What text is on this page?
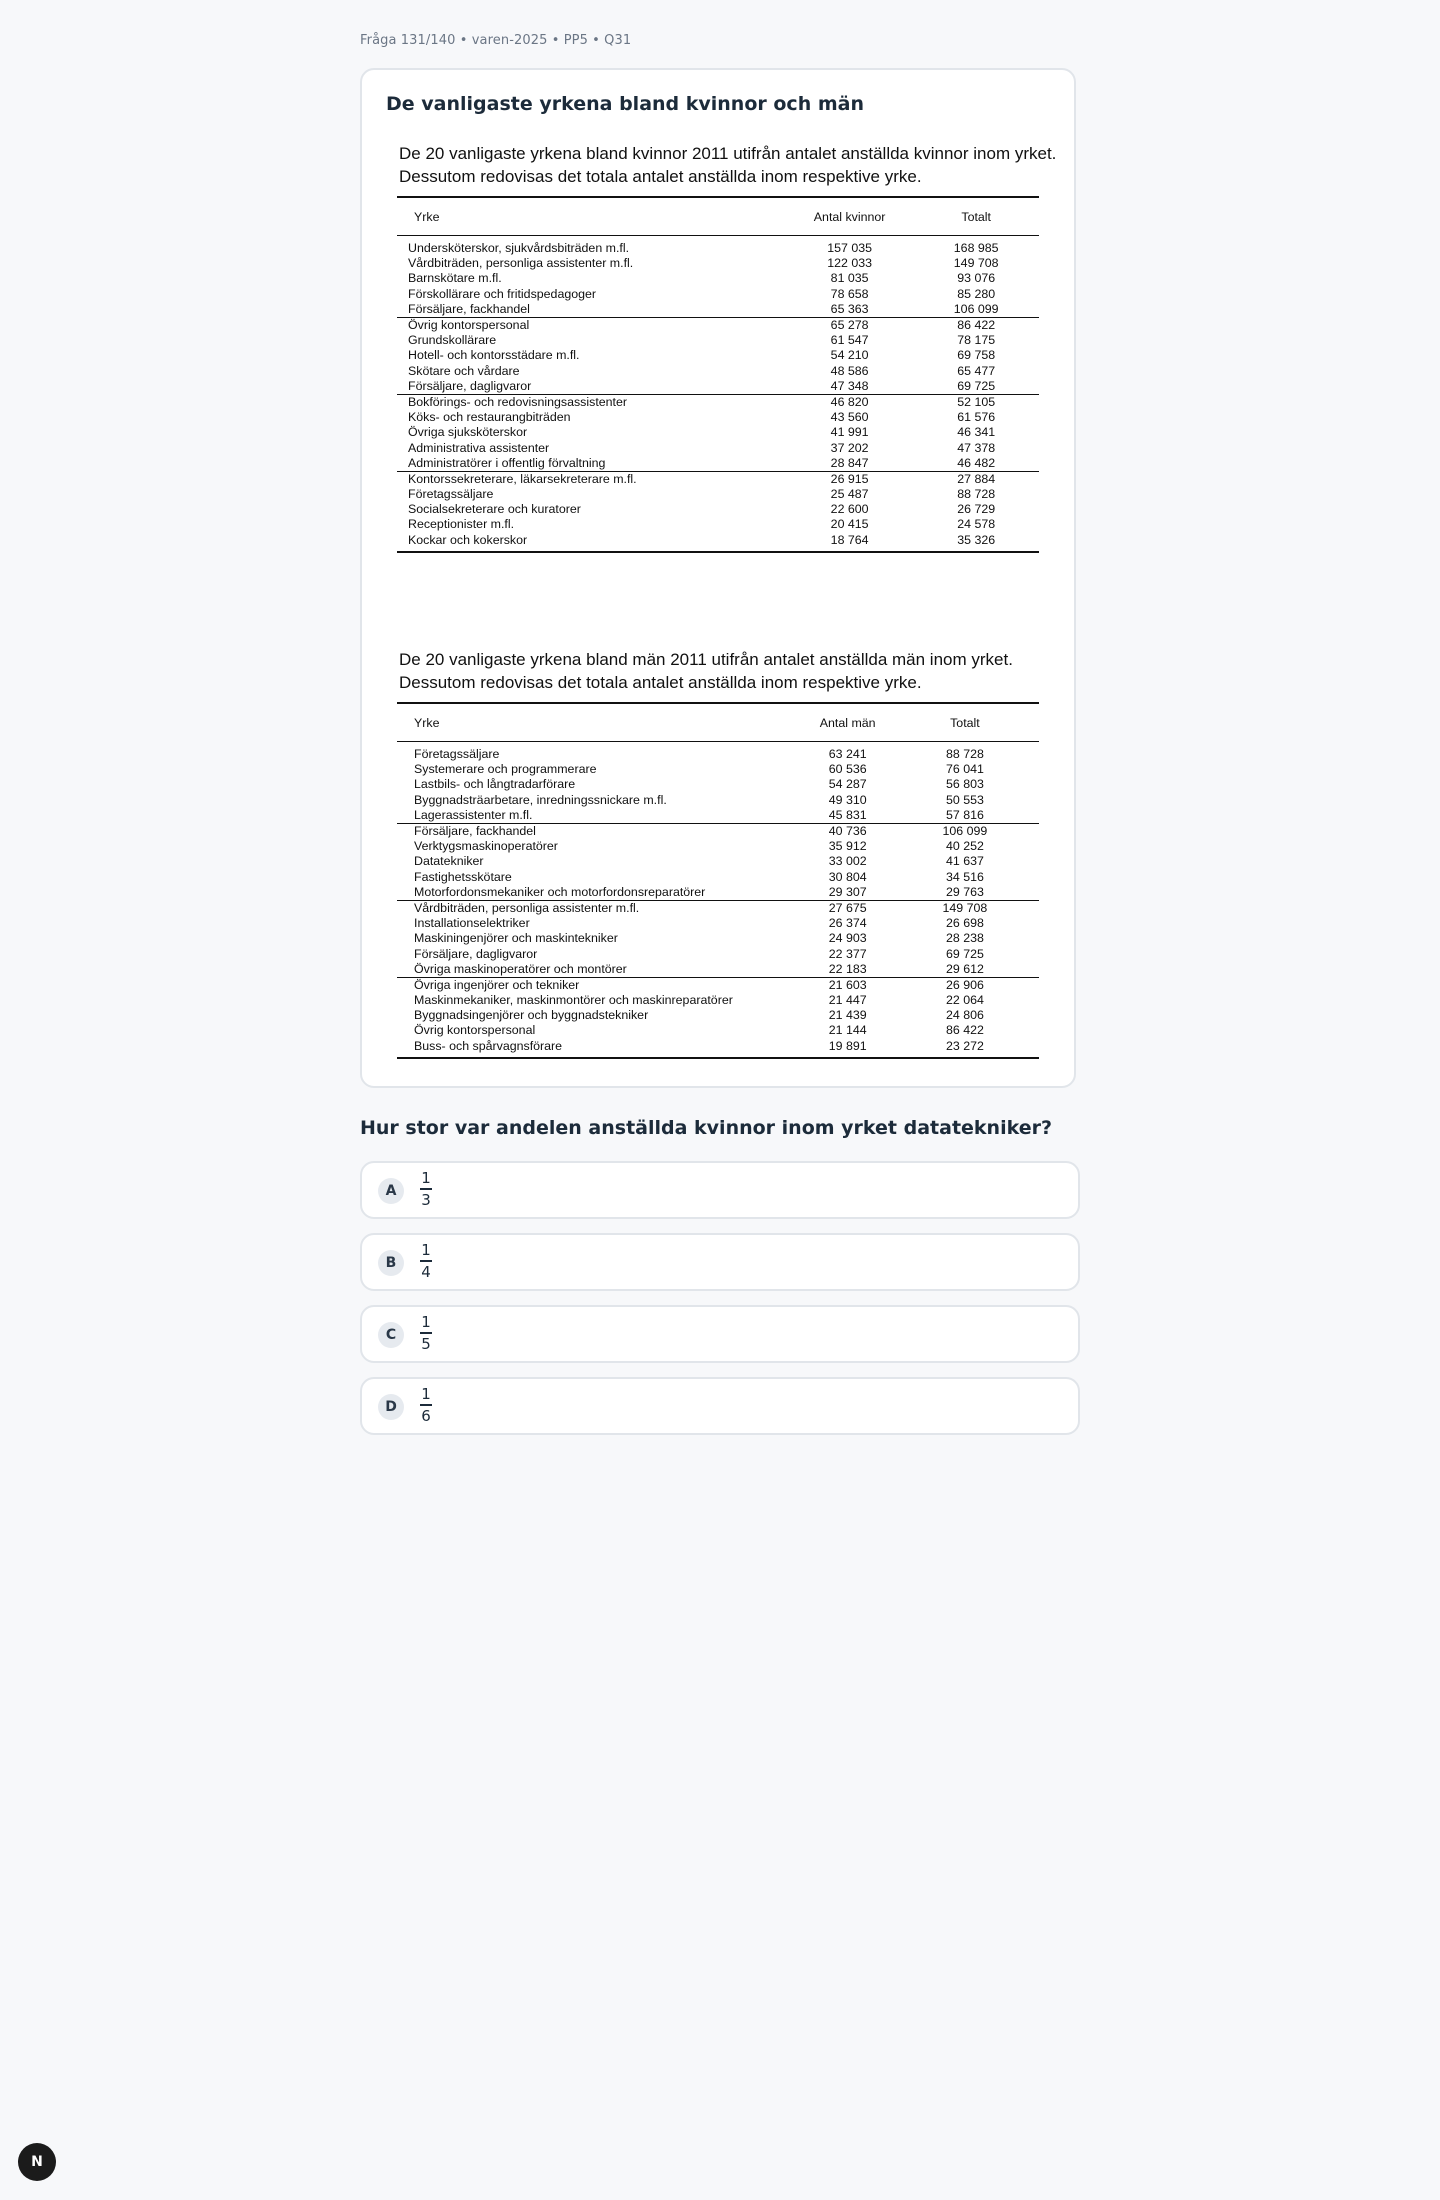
Fråga 131/140 • varen-2025 • PP5 • Q31
De vanligaste yrkena bland kvinnor och män
De 20 vanligaste yrkena bland kvinnor 2011 utifrån antalet anställda kvinnor inom yrket.
Dessutom redovisas det totala antalet anställda inom respektive yrke.
Yrke	Antal kvinnor	Totalt

Undersköterskor, sjukvårdsbiträden m.fl.	157 035	168 985
Vårdbiträden, personliga assistenter m.fl.	122 033	149 708
Barnskötare m.fl.	81 035	93 076
Förskollärare och fritidspedagoger	78 658	85 280
Försäljare, fackhandel	65 363	106 099
Övrig kontorspersonal	65 278	86 422
Grundskollärare	61 547	78 175
Hotell- och kontorsstädare m.fl.	54 210	69 758
Skötare och vårdare	48 586	65 477
Försäljare, dagligvaror	47 348	69 725
Bokförings- och redovisningsassistenter	46 820	52 105
Köks- och restaurangbiträden	43 560	61 576
Övriga sjuksköterskor	41 991	46 341
Administrativa assistenter	37 202	47 378
Administratörer i offentlig förvaltning	28 847	46 482
Kontorssekreterare, läkarsekreterare m.fl.	26 915	27 884
Företagssäljare	25 487	88 728
Socialsekreterare och kuratorer	22 600	26 729
Receptionister m.fl.	20 415	24 578
Kockar och kokerskor	18 764	35 326
De 20 vanligaste yrkena bland män 2011 utifrån antalet anställda män inom yrket.
Dessutom redovisas det totala antalet anställda inom respektive yrke.
Yrke	Antal män	Totalt

Företagssäljare	63 241	88 728
Systemerare och programmerare	60 536	76 041
Lastbils- och långtradarförare	54 287	56 803
Byggnadsträarbetare, inredningssnickare m.fl.	49 310	50 553
Lagerassistenter m.fl.	45 831	57 816
Försäljare, fackhandel	40 736	106 099
Verktygsmaskinoperatörer	35 912	40 252
Datatekniker	33 002	41 637
Fastighetsskötare	30 804	34 516
Motorfordonsmekaniker och motorfordonsreparatörer	29 307	29 763
Vårdbiträden, personliga assistenter m.fl.	27 675	149 708
Installationselektriker	26 374	26 698
Maskiningenjörer och maskintekniker	24 903	28 238
Försäljare, dagligvaror	22 377	69 725
Övriga maskinoperatörer och montörer	22 183	29 612
Övriga ingenjörer och tekniker	21 603	26 906
Maskinmekaniker, maskinmontörer och maskinreparatörer	21 447	22 064
Byggnadsingenjörer och byggnadstekniker	21 439	24 806
Övrig kontorspersonal	21 144	86 422
Buss- och spårvagnsförare	19 891	23 272
Hur stor var andelen anställda kvinnor inom yrket datatekniker?
A
1
3
B
1
4
C
1
5
D
1
6
N
